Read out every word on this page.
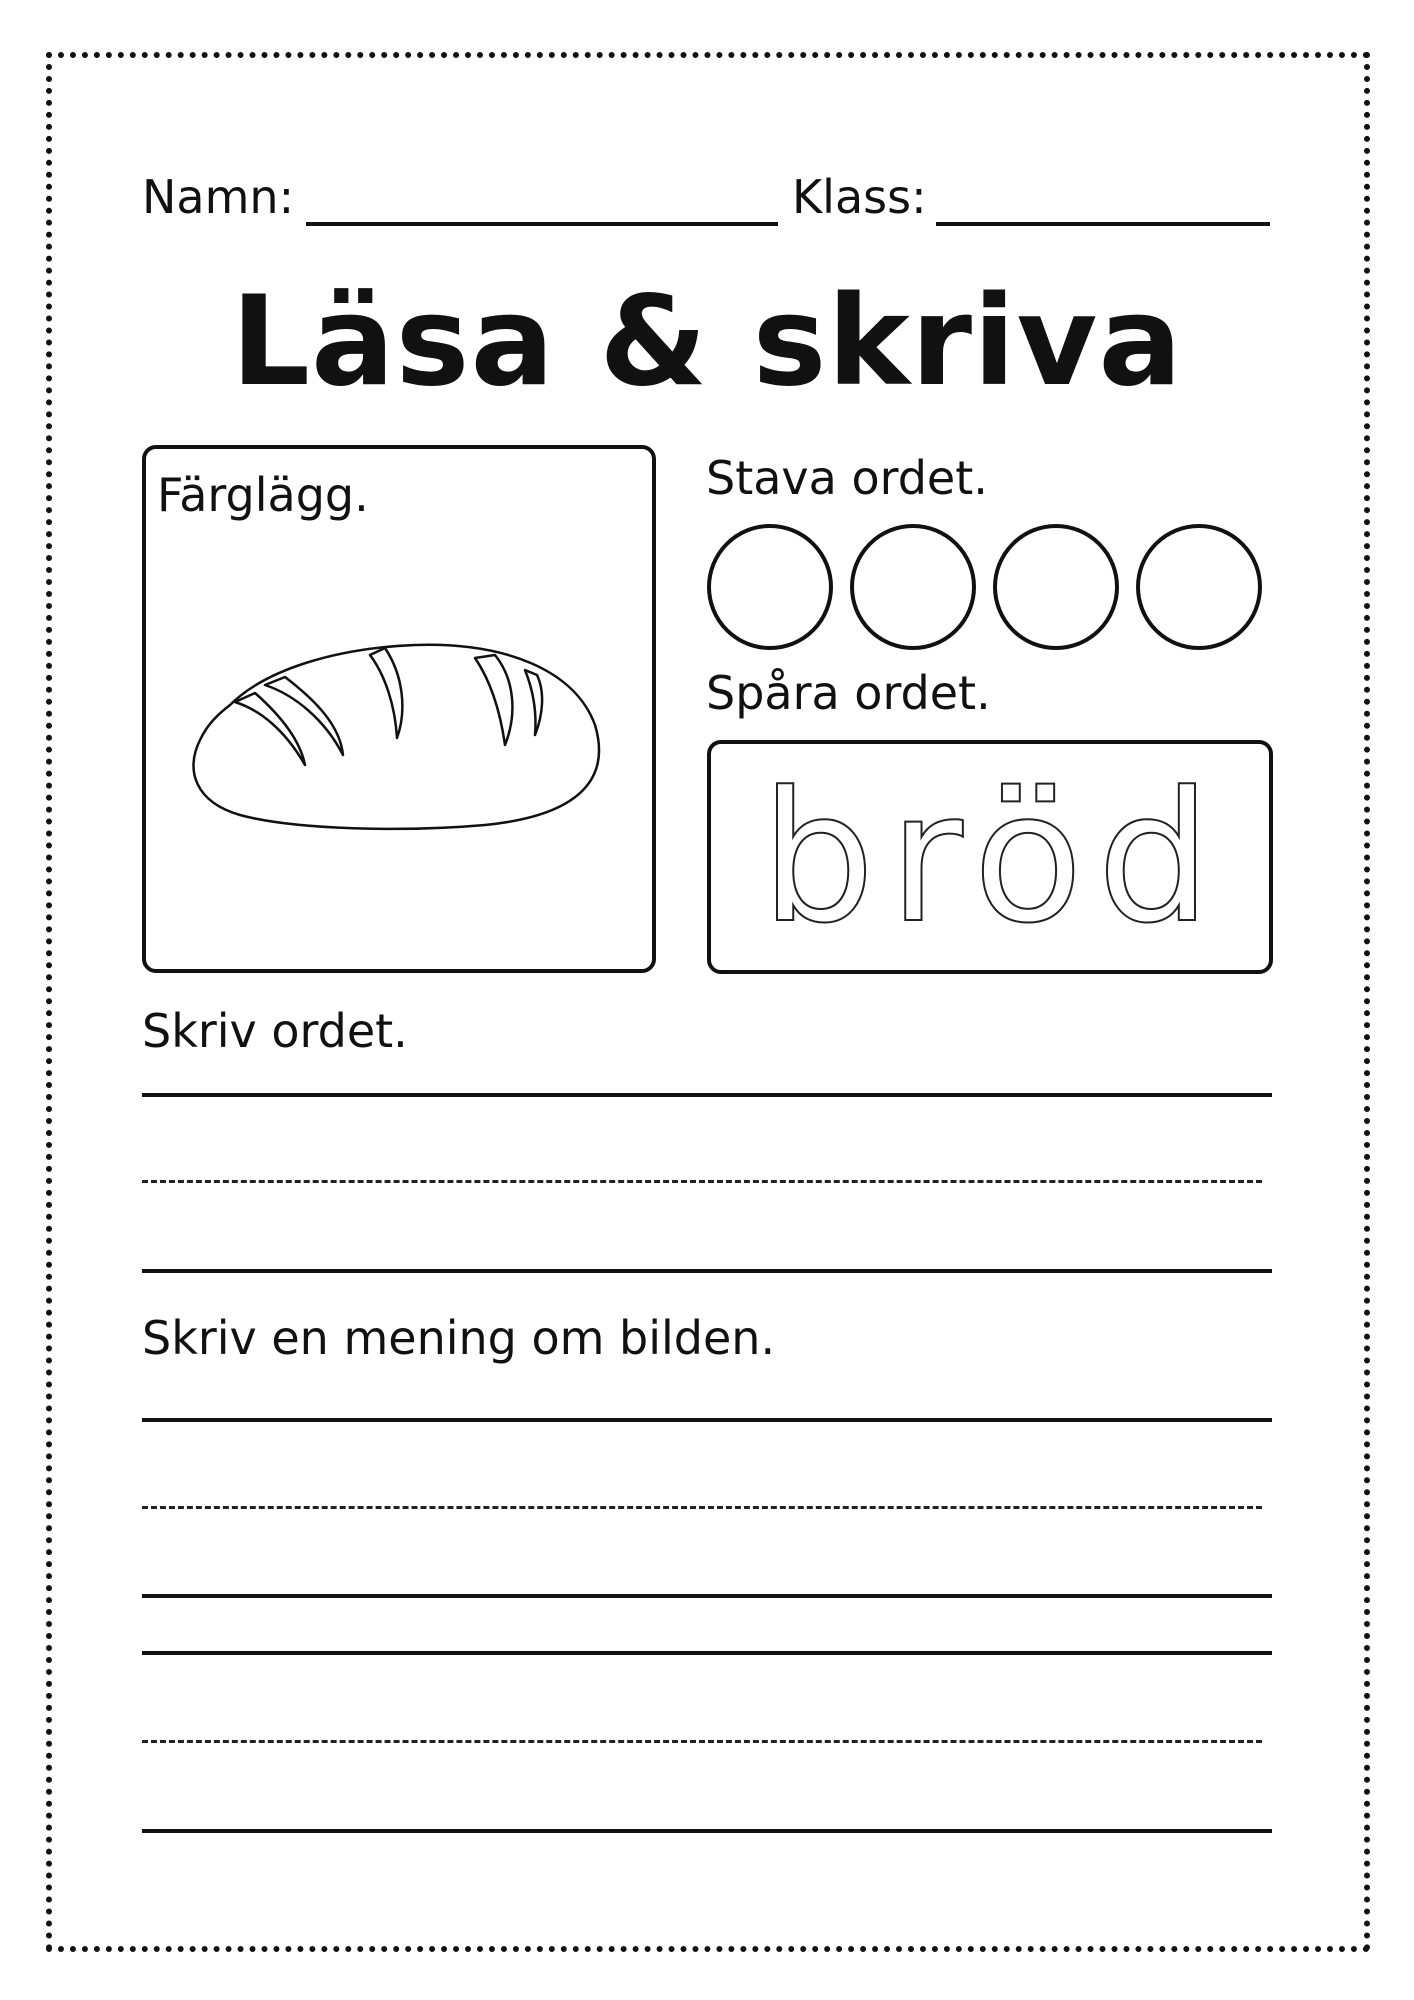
Namn:	Klass:
Läsa & skriva
Färglägg.	Stava ordet.
Spåra ordet.
bröd
Skriv ordet.
Skriv en mening om bilden.
